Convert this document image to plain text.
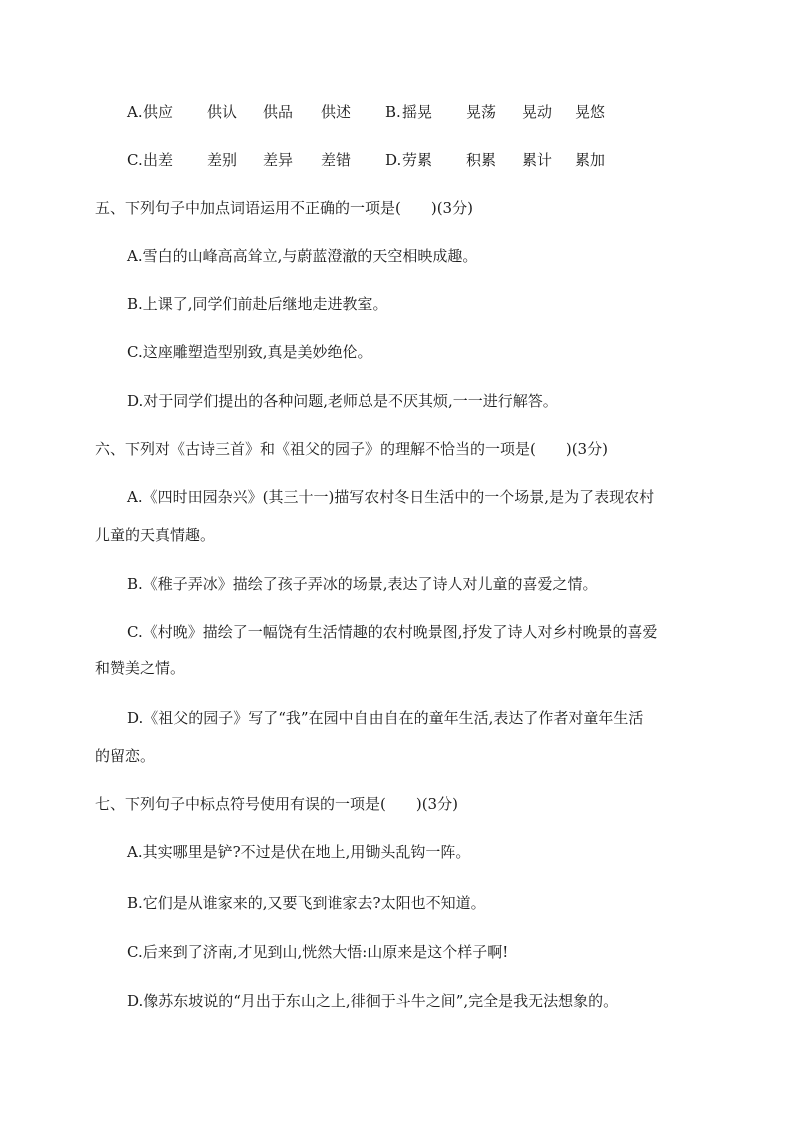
A. 供应 供认 供品 供述 B. 摇晃 晃荡 晃动 晃悠
C. 出差 差别 差异 差错 D. 劳累 积累 累计 累加
五、下列句子中加点词语运用不正确的一项是(　　)(3分)
A.雪白的山峰高高耸立,与蔚蓝澄澈的天空相映成趣。
B.上课了,同学们前赴后继地走进教室。
C.这座雕塑造型别致,真是美妙绝伦。
D.对于同学们提出的各种问题,老师总是不厌其烦,一一进行解答。
六、下列对《古诗三首》和《祖父的园子》的理解不恰当的一项是(　　)(3分)
A.《四时田园杂兴》(其三十一)描写农村冬日生活中的一个场景,是为了表现农村
儿童的天真情趣。
B.《稚子弄冰》描绘了孩子弄冰的场景,表达了诗人对儿童的喜爱之情。
C.《村晚》描绘了一幅饶有生活情趣的农村晚景图,抒发了诗人对乡村晚景的喜爱
和赞美之情。
D.《祖父的园子》写了“我”在园中自由自在的童年生活,表达了作者对童年生活
的留恋。
七、下列句子中标点符号使用有误的一项是(　　)(3分)
A.其实哪里是铲?不过是伏在地上,用锄头乱钩一阵。
B.它们是从谁家来的,又要飞到谁家去?太阳也不知道。
C.后来到了济南,才见到山,恍然大悟:山原来是这个样子啊!
D.像苏东坡说的“月出于东山之上,徘徊于斗牛之间”,完全是我无法想象的。
